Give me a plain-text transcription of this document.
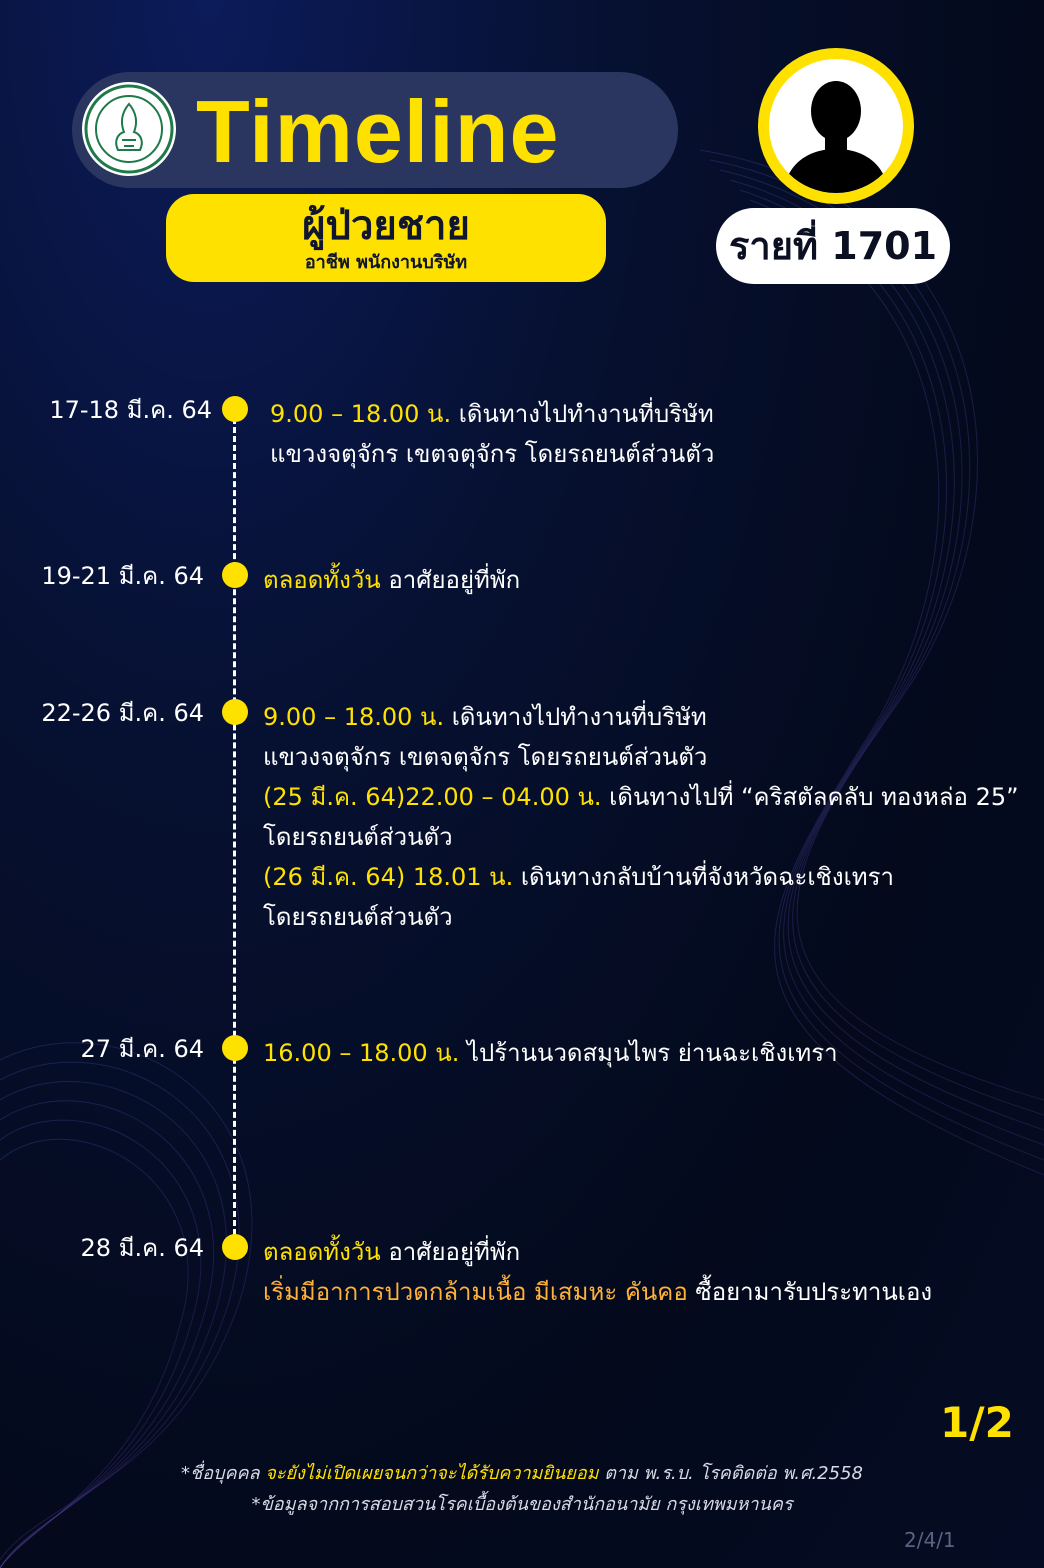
Timeline
ผู้ป่วยชาย
อาชีพ พนักงานบริษัท	รายที่ 1701
17-18 มี.ค. 64 9.00 – 18.00 น. เดินทางไปทำงานที่บริษัท
แขวงจตุจักร เขตจตุจักร โดยรถยนต์ส่วนตัว
19-21 มี.ค. 64 ตลอดทั้งวัน อาศัยอยู่ที่พัก
22-26 มี.ค. 64 9.00 – 18.00 น. เดินทางไปทำงานที่บริษัท
แขวงจตุจักร เขตจตุจักร โดยรถยนต์ส่วนตัว
(25 มี.ค. 64)22.00 – 04.00 น. เดินทางไปที่ “คริสตัลคลับ ทองหล่อ 25”
โดยรถยนต์ส่วนตัว
(26 มี.ค. 64) 18.01 น. เดินทางกลับบ้านที่จังหวัดฉะเชิงเทรา
โดยรถยนต์ส่วนตัว
27 มี.ค. 64 16.00 – 18.00 น. ไปร้านนวดสมุนไพร ย่านฉะเชิงเทรา
28 มี.ค. 64 ตลอดทั้งวัน อาศัยอยู่ที่พัก
เริ่มมีอาการปวดกล้ามเนื้อ มีเสมหะ คันคอ ซื้อยามารับประทานเอง
1/2
*ชื่อบุคคล จะยังไม่เปิดเผยจนกว่าจะได้รับความยินยอม ตาม พ.ร.บ. โรคติดต่อ พ.ศ.2558
*ข้อมูลจากการสอบสวนโรคเบื้องต้นของสำนักอนามัย กรุงเทพมหานคร
2/4/1
